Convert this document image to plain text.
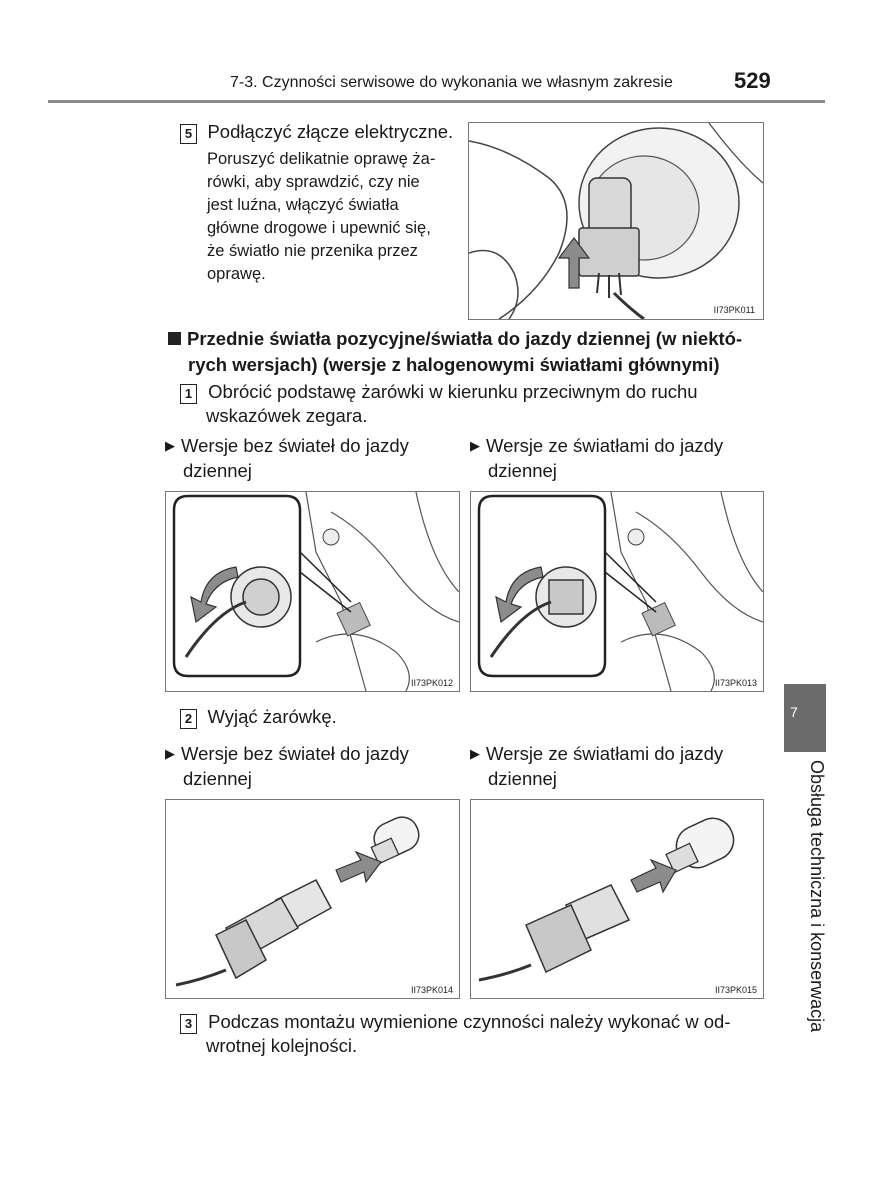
7-3. Czynności serwisowe do wykonania we własnym zakresie	529
5 Podłączyć złącze elektryczne.
Poruszyć delikatnie oprawę ża-
rówki, aby sprawdzić, czy nie
jest luźna, włączyć światła
główne drogowe i upewnić się,
że światło nie przenika przez
oprawę.
II73PK011
Przednie światła pozycyjne/światła do jazdy dziennej (w niektó-
rych wersjach) (wersje z halogenowymi światłami głównymi)
1 Obrócić podstawę żarówki w kierunku przeciwnym do ruchu
wskazówek zegara.
▶ Wersje bez świateł do jazdy
dziennej
▶ Wersje ze światłami do jazdy
dziennej
II73PK012	II73PK013
2 Wyjąć żarówkę.
▶ Wersje bez świateł do jazdy
dziennej
▶ Wersje ze światłami do jazdy
dziennej
II73PK014	II73PK015
3 Podczas montażu wymienione czynności należy wykonać w od-
wrotnej kolejności.
7
Obsługa techniczna i konserwacja
